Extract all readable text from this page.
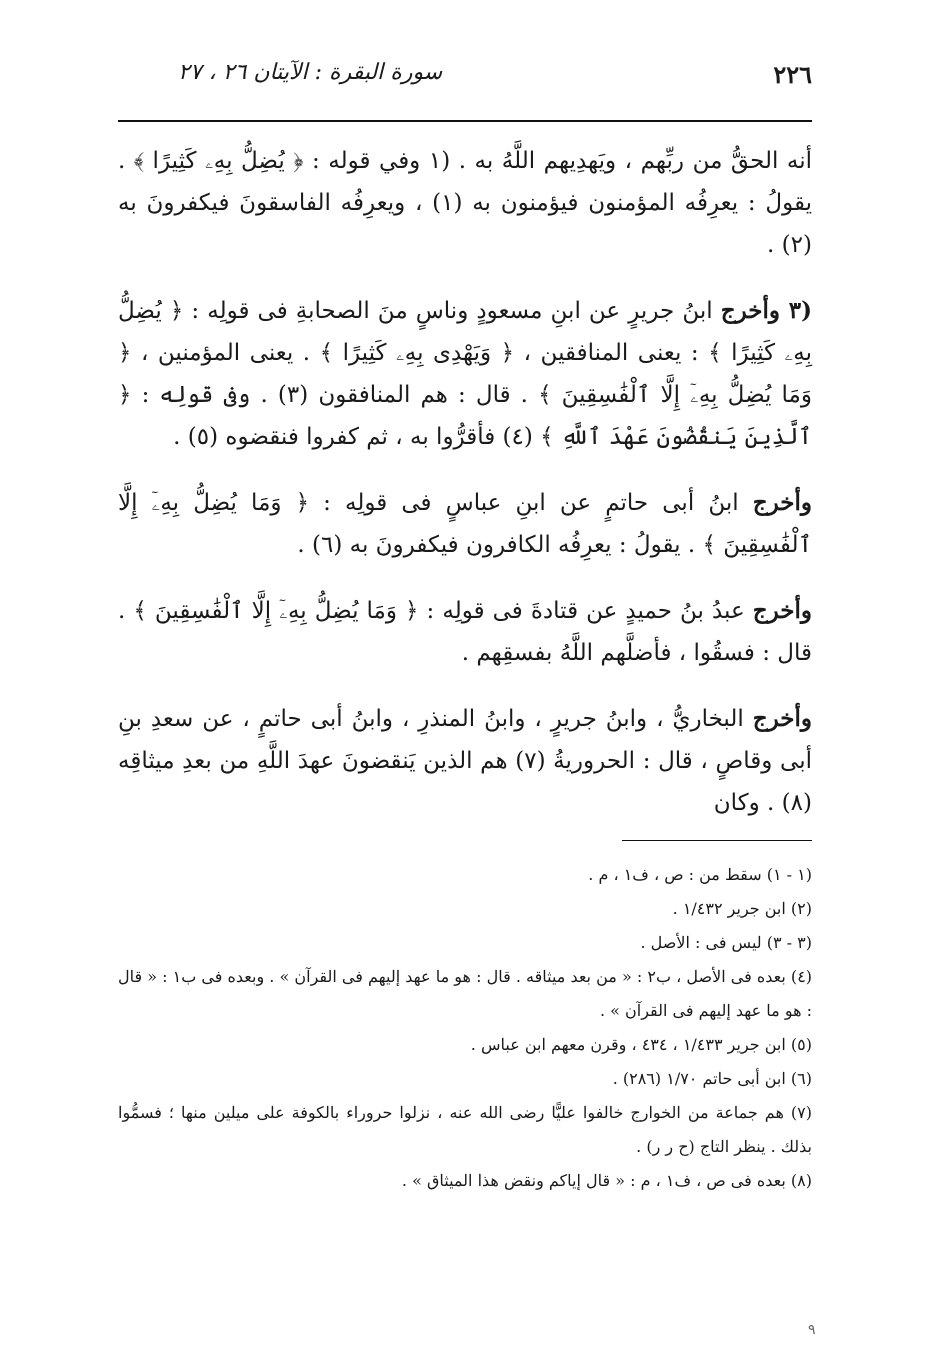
٢٢٦
سورة البقرة : الآيتان ٢٦ ، ٢٧

أنه الحقُّ من ربِّهم ، ويَهدِيهم اللَّهُ به . (١ وفي قوله : ﴿ يُضِلُّ بِهِۦ كَثِيرًا ﴾ . يقولُ : يعرِفُه المؤمنون فيؤمنون به (١) ، ويعرِفُه الفاسقونَ فيكفرونَ به (٢) .

(٣ وأخرج ابنُ جريرٍ عن ابنِ مسعودٍ وناسٍ منَ الصحابةِ فى قولِه : ﴿ يُضِلُّ بِهِۦ كَثِيرًا ﴾ : يعنى المنافقين ، ﴿ وَيَهْدِى بِهِۦ كَثِيرًا ﴾ . يعنى المؤمنين ، ﴿ وَمَا يُضِلُّ بِهِۦٓ إِلَّا ٱلْفَٰسِقِينَ ﴾ . قال : هم المنافقون (٣) . وفى قولِه : ﴿ ٱلَّذِينَ يَنقُضُونَ عَهْدَ ٱللَّهِ ﴾ (٤) فأقرُّوا به ، ثم كفروا فنقضوه (٥) .

وأخرج ابنُ أبى حاتمٍ عن ابنِ عباسٍ فى قولِه : ﴿ وَمَا يُضِلُّ بِهِۦٓ إِلَّا ٱلْفَٰسِقِينَ ﴾ . يقولُ : يعرِفُه الكافرون فيكفرونَ به (٦) .

وأخرج عبدُ بنُ حميدٍ عن قتادةَ فى قولِه : ﴿ وَمَا يُضِلُّ بِهِۦٓ إِلَّا ٱلْفَٰسِقِينَ ﴾ . قال : فسقُوا ، فأضلَّهم اللَّهُ بفسقِهم .

وأخرج البخاريُّ ، وابنُ جريرٍ ، وابنُ المنذرِ ، وابنُ أبى حاتمٍ ، عن سعدِ بنِ أبى وقاصٍ ، قال : الحروريةُ (٧) هم الذين يَنقضونَ عهدَ اللَّهِ من بعدِ ميثاقِه (٨) . وكان

(١ - ١) سقط من : ص ، ف١ ، م .

(٢) ابن جرير ١/٤٣٢ .

(٣ - ٣) ليس فى : الأصل .

(٤) بعده فى الأصل ، ب٢ : « من بعد ميثاقه . قال : هو ما عهد إليهم فى القرآن » . وبعده فى ب١ : « قال : هو ما عهد إليهم فى القرآن » .

(٥) ابن جرير ١/٤٣٣ ، ٤٣٤ ، وقرن معهم ابن عباس .

(٦) ابن أبى حاتم ١/٧٠ (٢٨٦) .

(٧) هم جماعة من الخوارج خالفوا عليًّا رضى الله عنه ، نزلوا حروراء بالكوفة على ميلين منها ؛ فسمُّوا بذلك . ينظر التاج (ح ر ر) .

(٨) بعده فى ص ، ف١ ، م : « قال إياكم ونقض هذا الميثاق » .

٩
